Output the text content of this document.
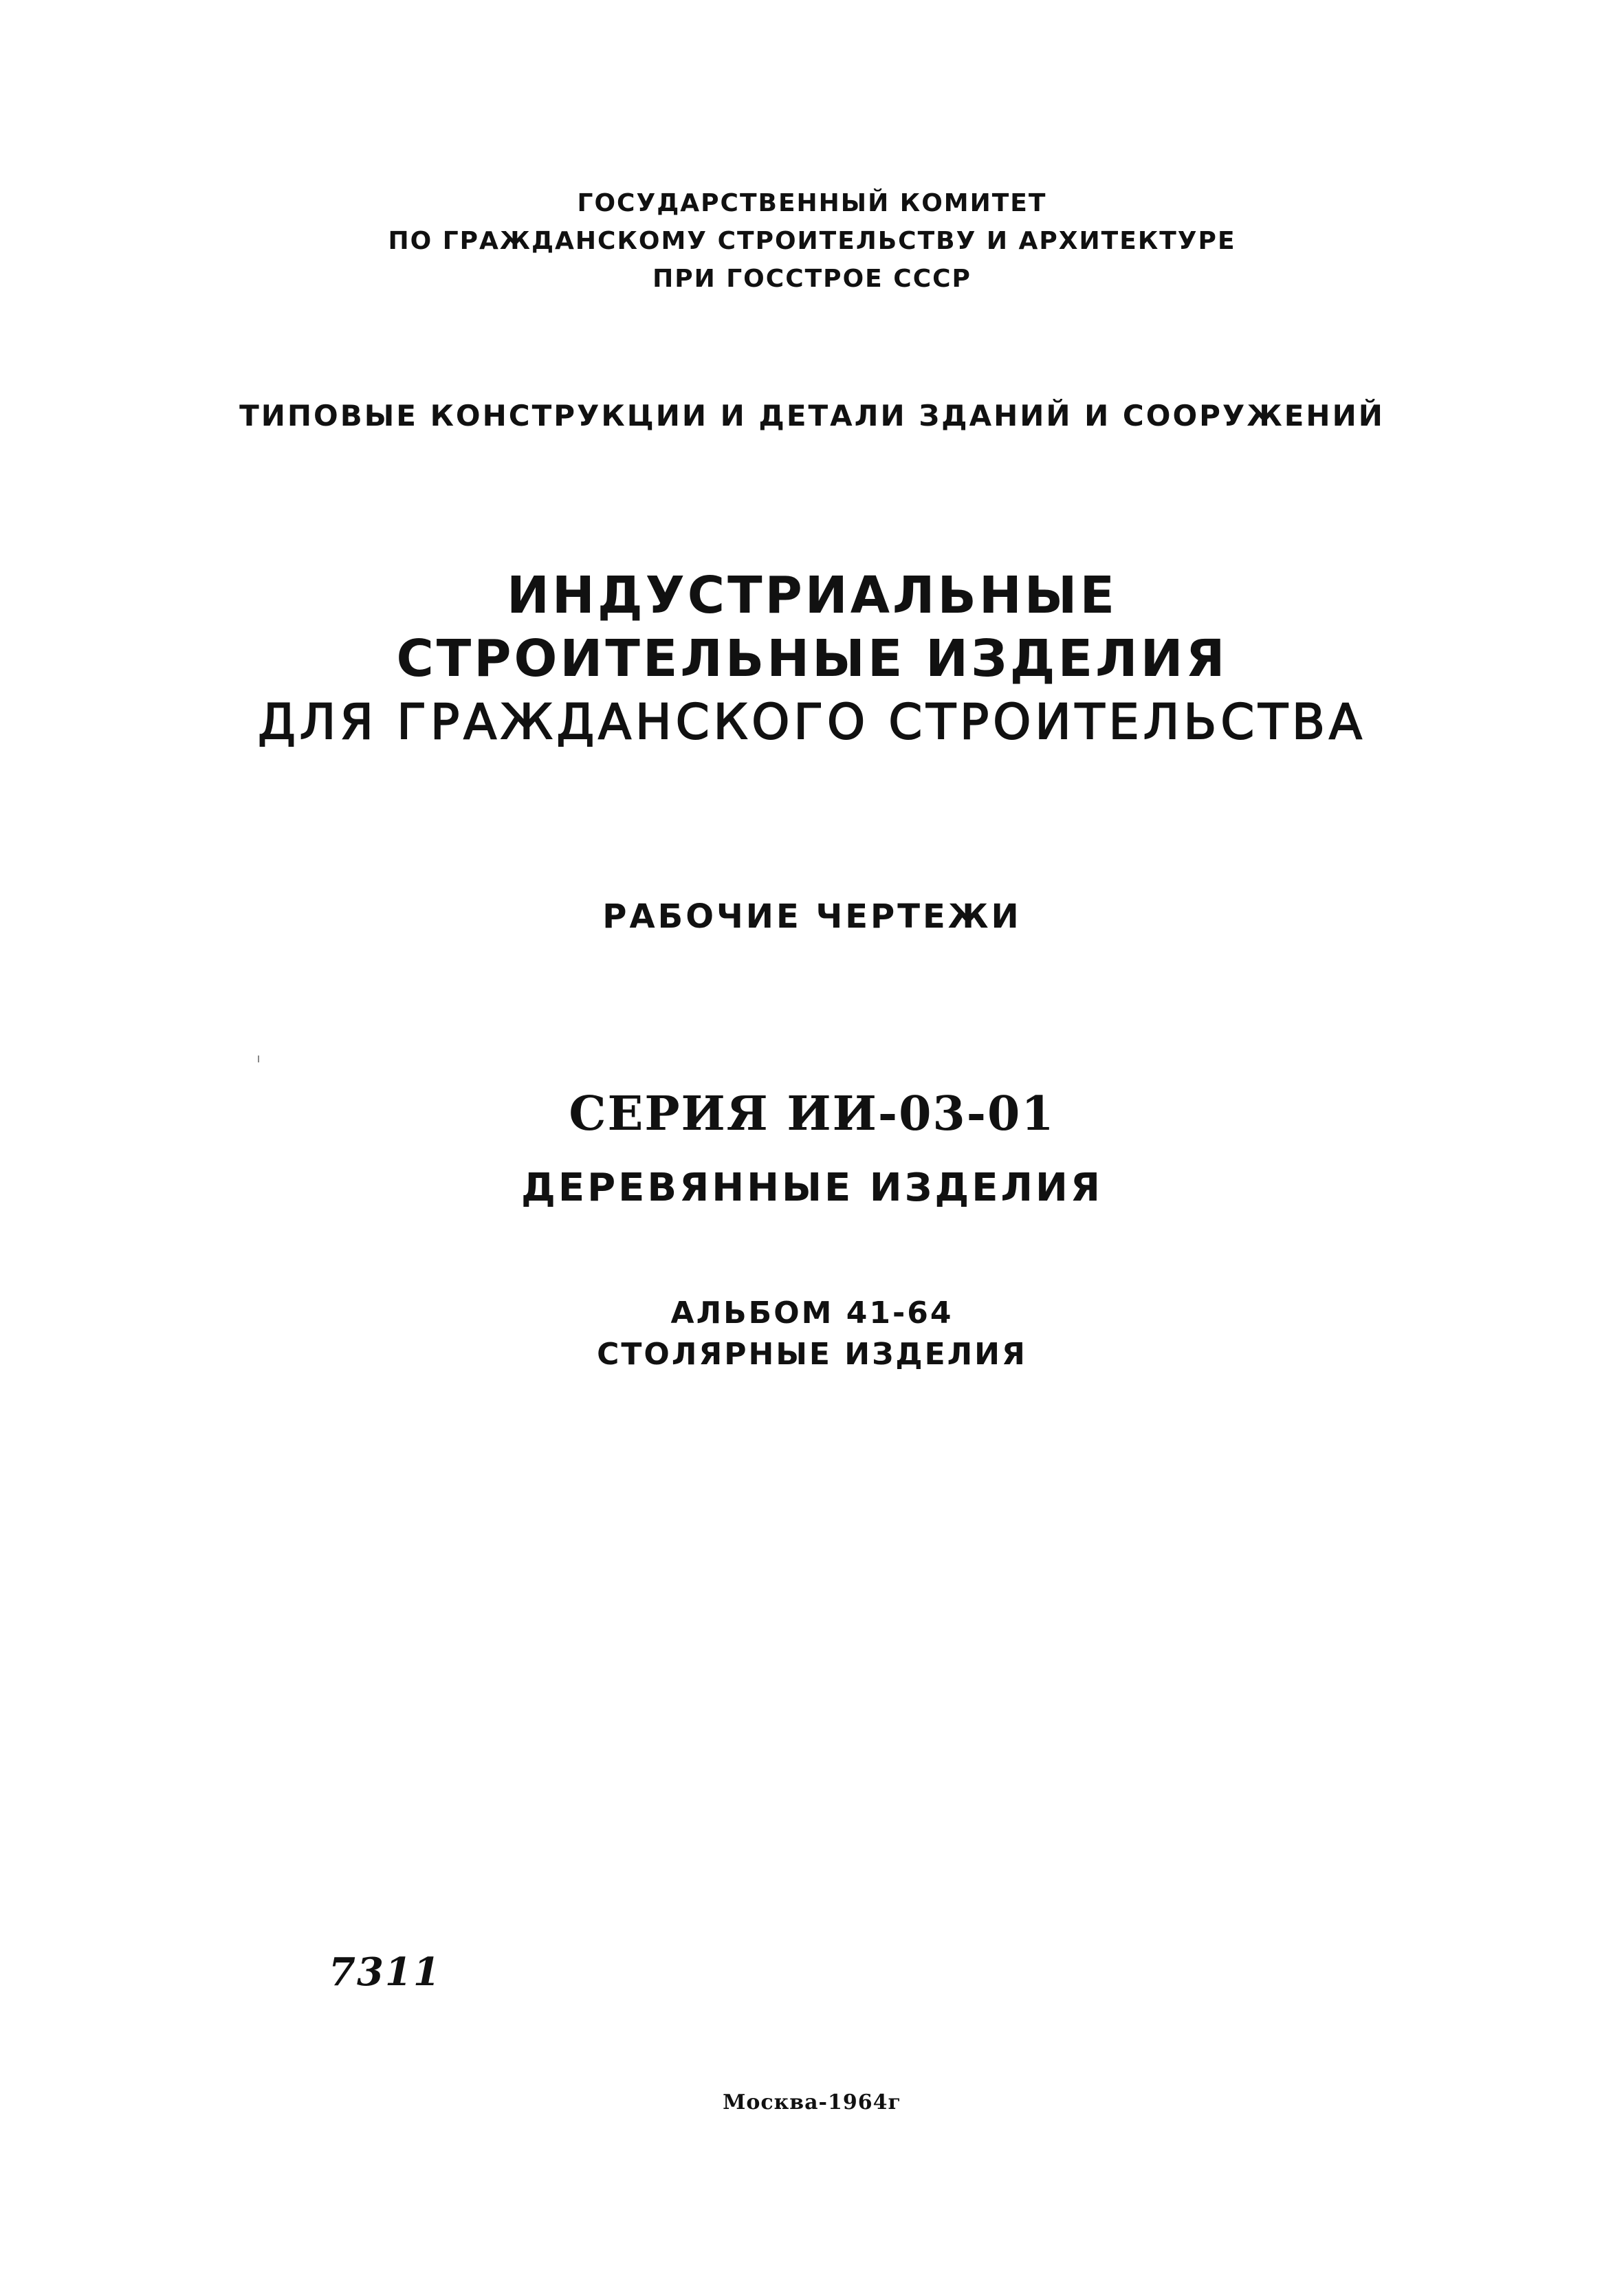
ГОСУДАРСТВЕННЫЙ КОМИТЕТ
ПО ГРАЖДАНСКОМУ СТРОИТЕЛЬСТВУ И АРХИТЕКТУРЕ
ПРИ ГОССТРОЕ СССР

ТИПОВЫЕ КОНСТРУКЦИИ И ДЕТАЛИ ЗДАНИЙ И СООРУЖЕНИЙ

ИНДУСТРИАЛЬНЫЕ
СТРОИТЕЛЬНЫЕ ИЗДЕЛИЯ
ДЛЯ ГРАЖДАНСКОГО СТРОИТЕЛЬСТВА

РАБОЧИЕ ЧЕРТЕЖИ

СЕРИЯ ИИ-03-01

ДЕРЕВЯННЫЕ ИЗДЕЛИЯ

АЛЬБОМ 41-64
СТОЛЯРНЫЕ ИЗДЕЛИЯ

7311

Москва-1964г
